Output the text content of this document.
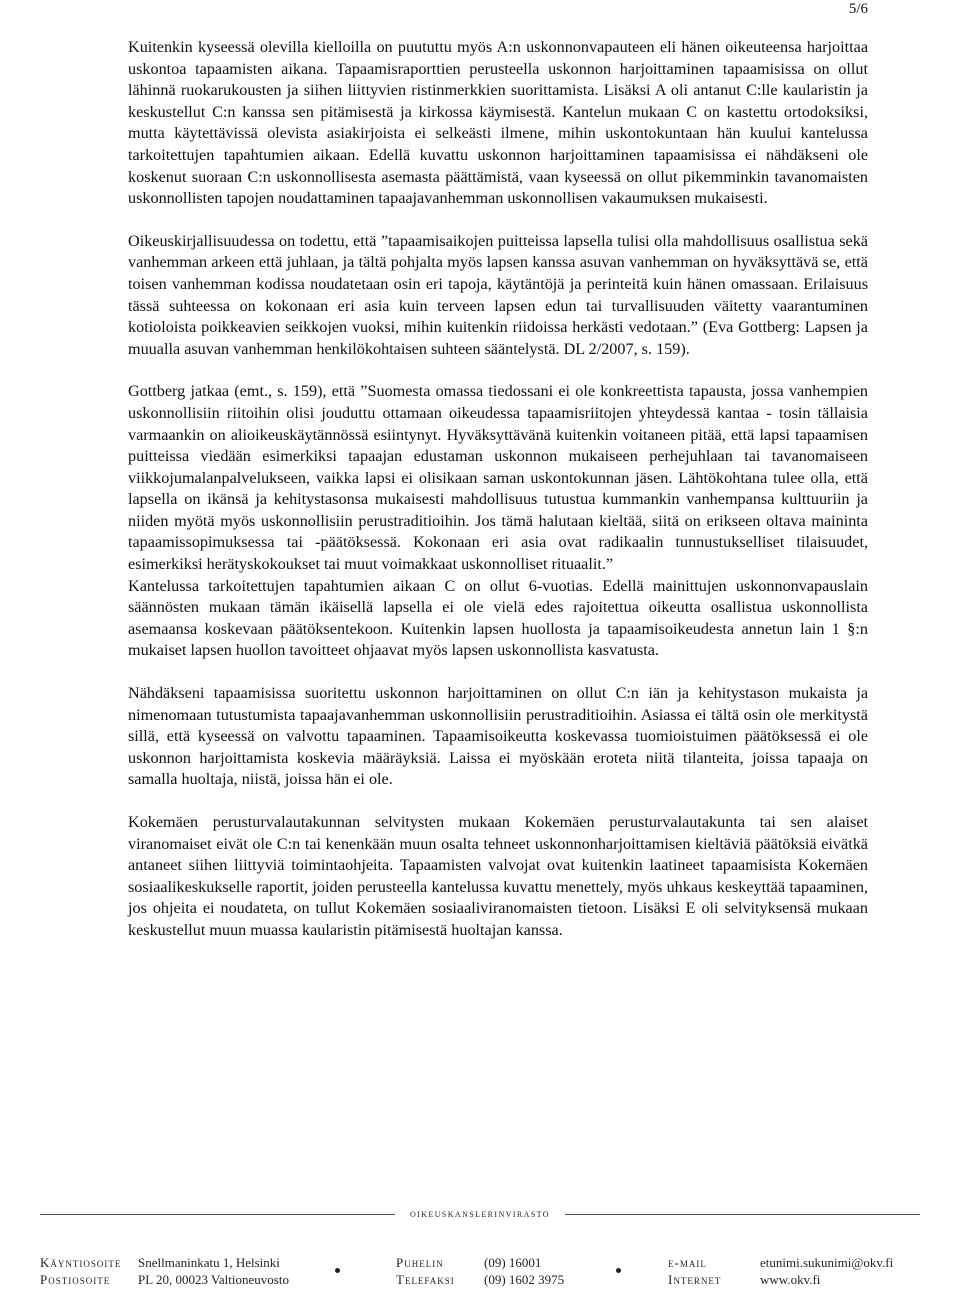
5/6

Kuitenkin kyseessä olevilla kielloilla on puututtu myös A:n uskonnonvapauteen eli hänen oikeuteensa harjoittaa uskontoa tapaamisten aikana. Tapaamisraporttien perusteella uskonnon harjoittaminen tapaamisissa on ollut lähinnä ruokarukousten ja siihen liittyvien ristinmerkkien suorittamista. Lisäksi A oli antanut C:lle kaularistin ja keskustellut C:n kanssa sen pitämisestä ja kirkossa käymisestä. Kantelun mukaan C on kastettu ortodoksiksi, mutta käytettävissä olevista asiakirjoista ei selkeästi ilmene, mihin uskontokuntaan hän kuului kantelussa tarkoitettujen tapahtumien aikaan. Edellä kuvattu uskonnon harjoittaminen tapaamisissa ei nähdäkseni ole koskenut suoraan C:n uskonnollisesta asemasta päättämistä, vaan kyseessä on ollut pikemminkin tavanomaisten uskonnollisten tapojen noudattaminen tapaajavanhemman uskonnollisen vakaumuksen mukaisesti.

Oikeuskirjallisuudessa on todettu, että ”tapaamisaikojen puitteissa lapsella tulisi olla mahdollisuus osallistua sekä vanhemman arkeen että juhlaan, ja tältä pohjalta myös lapsen kanssa asuvan vanhemman on hyväksyttävä se, että toisen vanhemman kodissa noudatetaan osin eri tapoja, käytäntöjä ja perinteitä kuin hänen omassaan. Erilaisuus tässä suhteessa on kokonaan eri asia kuin terveen lapsen edun tai turvallisuuden väitetty vaarantuminen kotioloista poikkeavien seikkojen vuoksi, mihin kuitenkin riidoissa herkästi vedotaan.” (Eva Gottberg: Lapsen ja muualla asuvan vanhemman henkilökohtaisen suhteen sääntelystä. DL 2/2007, s. 159).

Gottberg jatkaa (emt., s. 159), että ”Suomesta omassa tiedossani ei ole konkreettista tapausta, jossa vanhempien uskonnollisiin riitoihin olisi jouduttu ottamaan oikeudessa tapaamisriitojen yhteydessä kantaa - tosin tällaisia varmaankin on alioikeuskäytännössä esiintynyt. Hyväksyttävänä kuitenkin voitaneen pitää, että lapsi tapaamisen puitteissa viedään esimerkiksi tapaajan edustaman uskonnon mukaiseen perhejuhlaan tai tavanomaiseen viikkojumalanpalvelukseen, vaikka lapsi ei olisikaan saman uskontokunnan jäsen. Lähtökohtana tulee olla, että lapsella on ikänsä ja kehitystasonsa mukaisesti mahdollisuus tutustua kummankin vanhempansa kulttuuriin ja niiden myötä myös uskonnollisiin perustraditioihin. Jos tämä halutaan kieltää, siitä on erikseen oltava maininta tapaamissopimuksessa tai -päätöksessä. Kokonaan eri asia ovat radikaalin tunnustukselliset tilaisuudet, esimerkiksi herätyskokoukset tai muut voimakkaat uskonnolliset rituaalit.”

Kantelussa tarkoitettujen tapahtumien aikaan C on ollut 6-vuotias. Edellä mainittujen uskonnonvapauslain säännösten mukaan tämän ikäisellä lapsella ei ole vielä edes rajoitettua oikeutta osallistua uskonnollista asemaansa koskevaan päätöksentekoon. Kuitenkin lapsen huollosta ja tapaamisoikeudesta annetun lain 1 §:n mukaiset lapsen huollon tavoitteet ohjaavat myös lapsen uskonnollista kasvatusta.

Nähdäkseni tapaamisissa suoritettu uskonnon harjoittaminen on ollut C:n iän ja kehitystason mukaista ja nimenomaan tutustumista tapaajavanhemman uskonnollisiin perustraditioihin. Asiassa ei tältä osin ole merkitystä sillä, että kyseessä on valvottu tapaaminen. Tapaamisoikeutta koskevassa tuomioistuimen päätöksessä ei ole uskonnon harjoittamista koskevia määräyksiä. Laissa ei myöskään eroteta niitä tilanteita, joissa tapaaja on samalla huoltaja, niistä, joissa hän ei ole.

Kokemäen perusturvalautakunnan selvitysten mukaan Kokemäen perusturvalautakunta tai sen alaiset viranomaiset eivät ole C:n tai kenenkään muun osalta tehneet uskonnonharjoittamisen kieltäviä päätöksiä eivätkä antaneet siihen liittyviä toimintaohjeita. Tapaamisten valvojat ovat kuitenkin laatineet tapaamisista Kokemäen sosiaalikeskukselle raportit, joiden perusteella kantelussa kuvattu menettely, myös uhkaus keskeyttää tapaaminen, jos ohjeita ei noudateta, on tullut Kokemäen sosiaaliviranomaisten tietoon. Lisäksi E oli selvityksensä mukaan keskustellut muun muassa kaularistin pitämisestä huoltajan kanssa.

oikeuskanslerinvirasto
Käyntiosoite Snellmaninkatu 1, Helsinki
Postiosoite PL 20, 00023 Valtioneuvosto
Puhelin	(09) 16001
Telefaksi (09) 1602 3975
e-mail	etunimi.sukunimi@okv.fi
Internet	www.okv.fi
